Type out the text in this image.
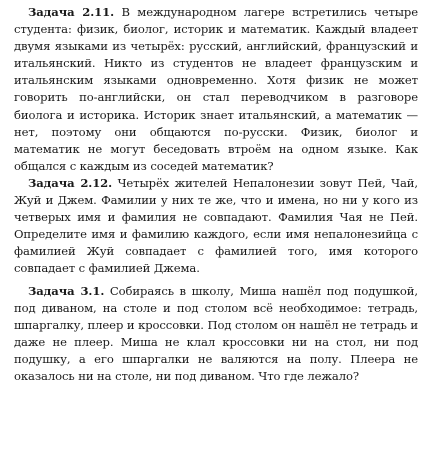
Задача 2.11. В международном лагере встретились четыре студента: физик, биолог, историк и математик. Каждый владеет двумя языками из четырёх: русский, английский, французский и итальянский. Никто из студентов не владеет французским и итальянским языками одновременно. Хотя физик не может говорить по-английски, он стал переводчиком в разговоре биолога и историка. Историк знает итальянский, а математик — нет, поэтому они общаются по-русски. Физик, биолог и математик не могут беседовать втроём на одном языке. Как общался с каждым из соседей математик?

Задача 2.12. Четырёх жителей Непалонезии зовут Пей, Чай, Жуй и Джем. Фамилии у них те же, что и имена, но ни у кого из четверых имя и фамилия не совпадают. Фамилия Чая не Пей. Определите имя и фамилию каждого, если имя непалонезийца с фамилией Жуй совпадает с фамилией того, имя которого совпадает с фамилией Джема.

Задача 3.1. Собираясь в школу, Миша нашёл под подушкой, под диваном, на столе и под столом всё необходимое: тетрадь, шпаргалку, плеер и кроссовки. Под столом он нашёл не тетрадь и даже не плеер. Миша не клал кроссовки ни на стол, ни под подушку, а его шпаргалки не валяются на полу. Плеера не оказалось ни на столе, ни под диваном. Что где лежало?
